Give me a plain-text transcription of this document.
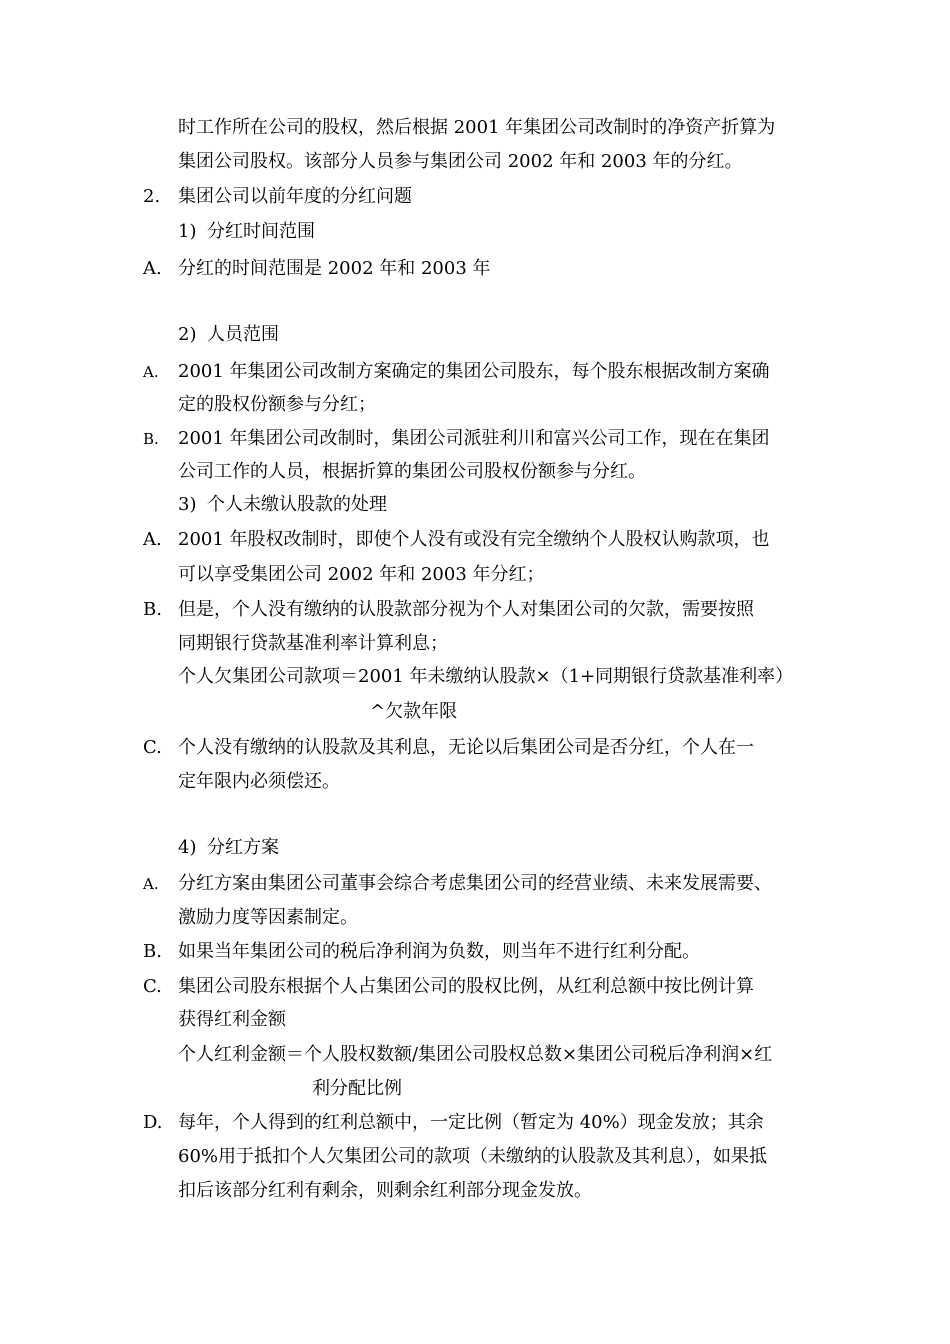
时工作所在公司的股权，然后根据 2001 年集团公司改制时的净资产折算为
集团公司股权。该部分人员参与集团公司 2002 年和 2003 年的分红。
2. 集团公司以前年度的分红问题
1) 分红时间范围
A. 分红的时间范围是 2002 年和 2003 年
2) 人员范围
A. 2001 年集团公司改制方案确定的集团公司股东，每个股东根据改制方案确
定的股权份额参与分红；
B. 2001 年集团公司改制时，集团公司派驻利川和富兴公司工作，现在在集团
公司工作的人员，根据折算的集团公司股权份额参与分红。
3) 个人未缴认股款的处理
A. 2001 年股权改制时，即使个人没有或没有完全缴纳个人股权认购款项，也
可以享受集团公司 2002 年和 2003 年分红；
B. 但是，个人没有缴纳的认股款部分视为个人对集团公司的欠款，需要按照
同期银行贷款基准利率计算利息；
个人欠集团公司款项＝2001 年未缴纳认股款×（1+同期银行贷款基准利率）
^欠款年限
C. 个人没有缴纳的认股款及其利息，无论以后集团公司是否分红，个人在一
定年限内必须偿还。
4) 分红方案
A. 分红方案由集团公司董事会综合考虑集团公司的经营业绩、未来发展需要、
激励力度等因素制定。
B. 如果当年集团公司的税后净利润为负数，则当年不进行红利分配。
C. 集团公司股东根据个人占集团公司的股权比例，从红利总额中按比例计算
获得红利金额
个人红利金额＝个人股权数额/集团公司股权总数×集团公司税后净利润×红
利分配比例
D. 每年，个人得到的红利总额中，一定比例（暂定为 40%）现金发放；其余
60%用于抵扣个人欠集团公司的款项（未缴纳的认股款及其利息），如果抵
扣后该部分红利有剩余，则剩余红利部分现金发放。
